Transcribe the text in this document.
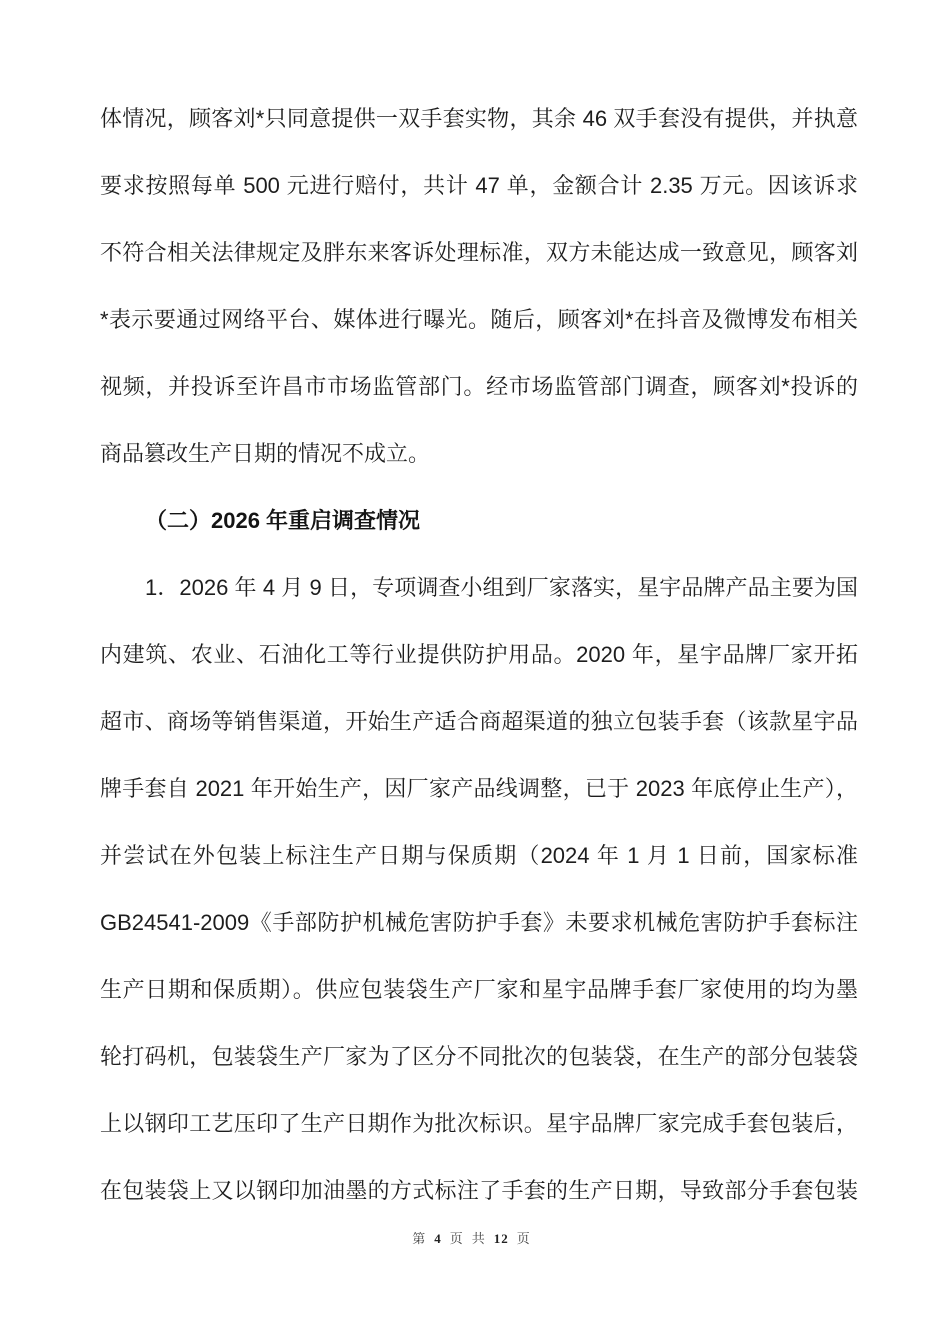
体情况，顾客刘*只同意提供一双手套实物，其余 46 双手套没有提供，并执意
要求按照每单 500 元进行赔付，共计 47 单，金额合计 2.35 万元。因该诉求
不符合相关法律规定及胖东来客诉处理标准，双方未能达成一致意见，顾客刘
*表示要通过网络平台、媒体进行曝光。随后，顾客刘*在抖音及微博发布相关
视频，并投诉至许昌市市场监管部门。经市场监管部门调查，顾客刘*投诉的
商品篡改生产日期的情况不成立。
（二）2026 年重启调查情况
1．2026 年 4 月 9 日，专项调查小组到厂家落实，星宇品牌产品主要为国
内建筑、农业、石油化工等行业提供防护用品。2020 年，星宇品牌厂家开拓
超市、商场等销售渠道，开始生产适合商超渠道的独立包装手套（该款星宇品
牌手套自 2021 年开始生产，因厂家产品线调整，已于 2023 年底停止生产），
并尝试在外包装上标注生产日期与保质期（2024 年 1 月 1 日前，国家标准
GB24541-2009《手部防护机械危害防护手套》未要求机械危害防护手套标注
生产日期和保质期）。供应包装袋生产厂家和星宇品牌手套厂家使用的均为墨
轮打码机，包装袋生产厂家为了区分不同批次的包装袋，在生产的部分包装袋
上以钢印工艺压印了生产日期作为批次标识。星宇品牌厂家完成手套包装后，
在包装袋上又以钢印加油墨的方式标注了手套的生产日期，导致部分手套包装
第 4 页 共 12 页
